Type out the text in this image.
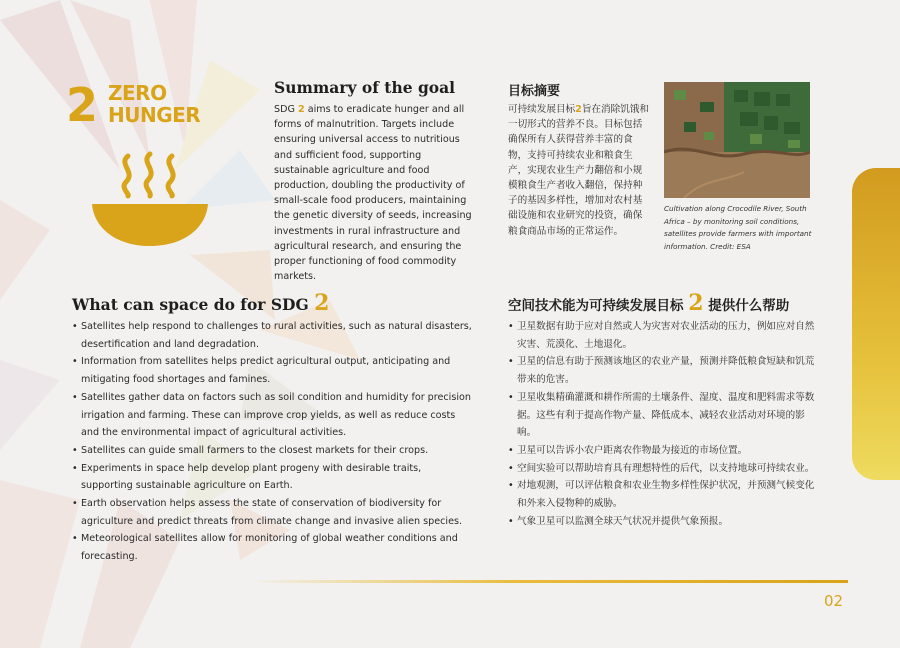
2 ZERO
HUNGER
Summary of the goal
SDG 2 aims to eradicate hunger and all forms of malnutrition. Targets include ensuring universal access to nutritious and sufficient food, supporting sustainable agriculture and food production, doubling the productivity of small-scale food producers, maintaining the genetic diversity of seeds, increasing investments in rural infrastructure and agricultural research, and ensuring the proper functioning of food commodity markets.
目标摘要
可持续发展目标2旨在消除饥饿和一切形式的营养不良。目标包括确保所有人获得营养丰富的食物，支持可持续农业和粮食生产，实现农业生产力翻倍和小规模粮食生产者收入翻倍，保持种子的基因多样性，增加对农村基础设施和农业研究的投资，确保粮食商品市场的正常运作。
Cultivation along Crocodile River, South Africa – by monitoring soil conditions, satellites provide farmers with important information. Credit: ESA
What can space do for SDG 2
• Satellites help respond to challenges to rural activities, such as natural disasters, desertification and land degradation.
• Information from satellites helps predict agricultural output, anticipating and mitigating food shortages and famines.
• Satellites gather data on factors such as soil condition and humidity for precision irrigation and farming. These can improve crop yields, as well as reduce costs and the environmental impact of agricultural activities.
• Satellites can guide small farmers to the closest markets for their crops.
• Experiments in space help develop plant progeny with desirable traits, supporting sustainable agriculture on Earth.
• Earth observation helps assess the state of conservation of biodiversity for agriculture and predict threats from climate change and invasive alien species.
• Meteorological satellites allow for monitoring of global weather conditions and forecasting.
空间技术能为可持续发展目标 2 提供什么帮助
• 卫星数据有助于应对自然或人为灾害对农业活动的压力，例如应对自然灾害、荒漠化、土地退化。
• 卫星的信息有助于预测该地区的农业产量，预测并降低粮食短缺和饥荒带来的危害。
• 卫星收集精确灌溉和耕作所需的土壤条件、湿度、温度和肥料需求等数据。这些有利于提高作物产量、降低成本、减轻农业活动对环境的影响。
• 卫星可以告诉小农户距离农作物最为接近的市场位置。
• 空间实验可以帮助培育具有理想特性的后代，以支持地球可持续农业。
• 对地观测，可以评估粮食和农业生物多样性保护状况，并预测气候变化和外来入侵物种的威胁。
• 气象卫星可以监测全球天气状况并提供气象预报。
02
